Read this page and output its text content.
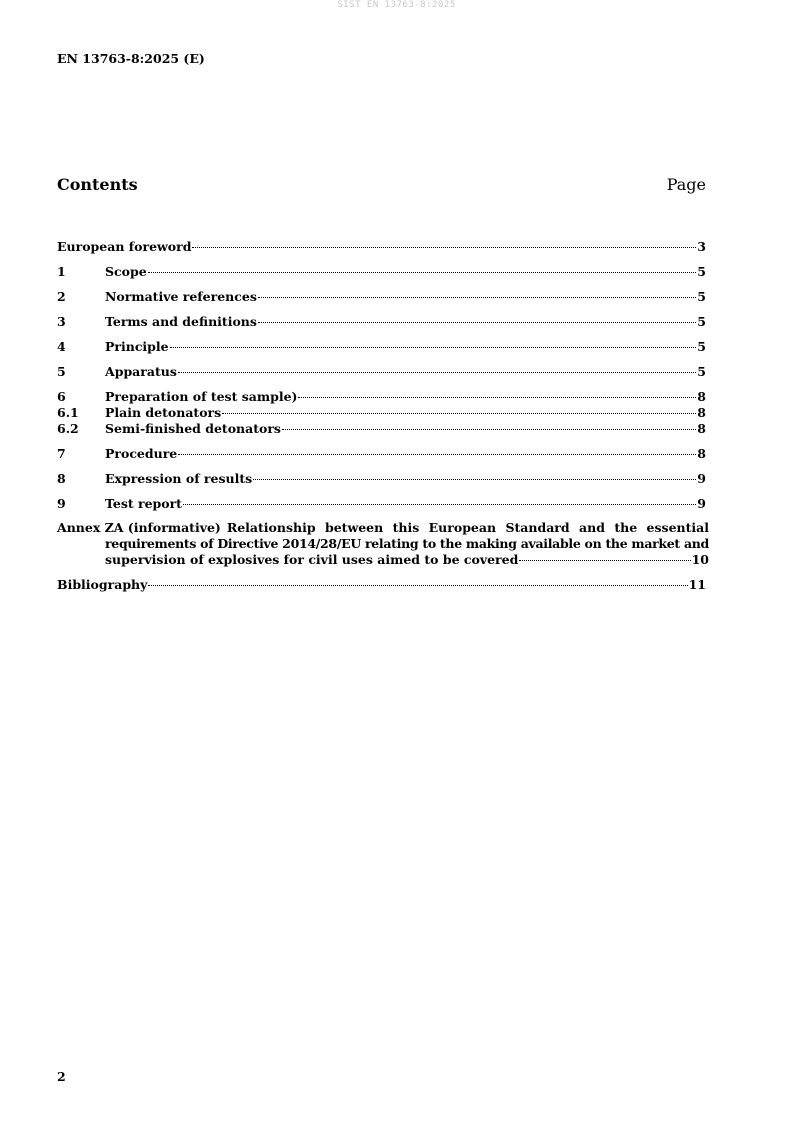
SIST EN 13763-8:2025
EN 13763-8:2025 (E)
Contents	Page
European foreword	3
1	Scope	5
2	Normative references	5
3	Terms and definitions	5
4	Principle	5
5	Apparatus	5
6	Preparation of test sample)	8
6.1	Plain detonators	8
6.2	Semi-finished detonators	8
7	Procedure	8
8	Expression of results	9
9	Test report	9
Annex ZA (informative) Relationship between this European Standard and the essential
requirements of Directive 2014/28/EU relating to the making available on the market and
supervision of explosives for civil uses aimed to be covered	10
Bibliography	11
2
